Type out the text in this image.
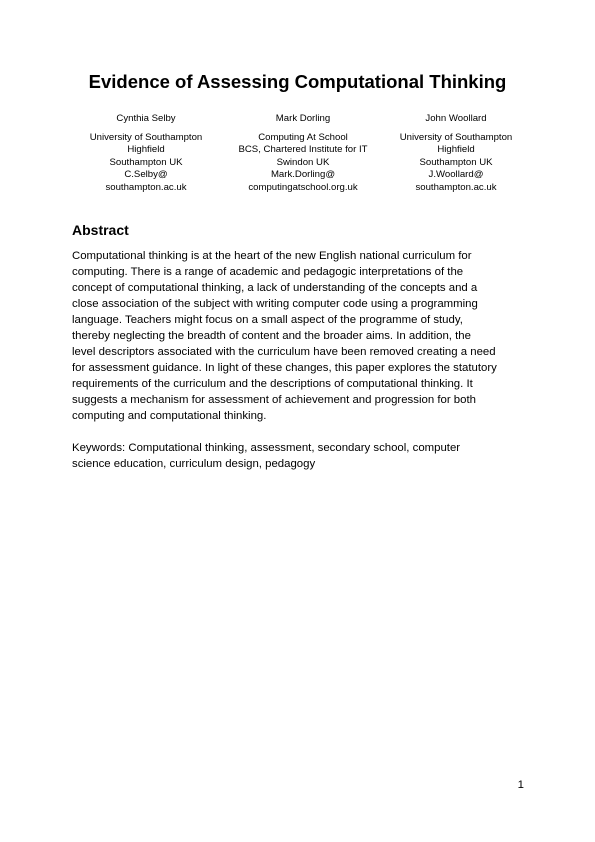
Evidence of Assessing Computational Thinking
Cynthia Selby
University of Southampton
Highfield
Southampton UK
C.Selby@
southampton.ac.uk
Mark Dorling
Computing At School
BCS, Chartered Institute for IT
Swindon UK
Mark.Dorling@
computingatschool.org.uk
John Woollard
University of Southampton
Highfield
Southampton UK
J.Woollard@
southampton.ac.uk
Abstract
Computational thinking is at the heart of the new English national curriculum for
computing. There is a range of academic and pedagogic interpretations of the
concept of computational thinking, a lack of understanding of the concepts and a
close association of the subject with writing computer code using a programming
language. Teachers might focus on a small aspect of the programme of study,
thereby neglecting the breadth of content and the broader aims. In addition, the
level descriptors associated with the curriculum have been removed creating a need
for assessment guidance. In light of these changes, this paper explores the statutory
requirements of the curriculum and the descriptions of computational thinking. It
suggests a mechanism for assessment of achievement and progression for both
computing and computational thinking.
Keywords: Computational thinking, assessment, secondary school, computer
science education, curriculum design, pedagogy
1
